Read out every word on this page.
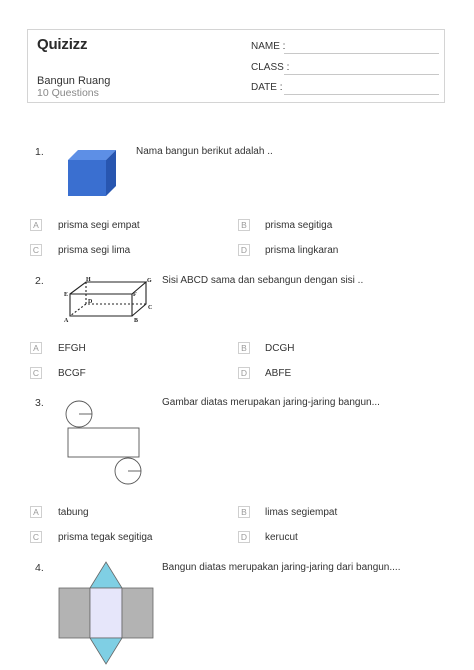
Quizizz
Bangun Ruang
10 Questions
NAME :
CLASS :
DATE :
1.	Nama bangun berikut adalah ..
A	prisma segi empat	B	prisma segitiga
C prisma segi lima	D prisma lingkaran
2.	H	G
E	F
D
C
A	B
Sisi ABCD sama dan sebangun dengan sisi ..
A	EFGH	B	DCGH
C BCGF	D ABFE
3.	Gambar diatas merupakan jaring-jaring bangun...
A	tabung	B	limas segiempat
C prisma tegak segitiga	D kerucut
4.	Bangun diatas merupakan jaring-jaring dari bangun....
